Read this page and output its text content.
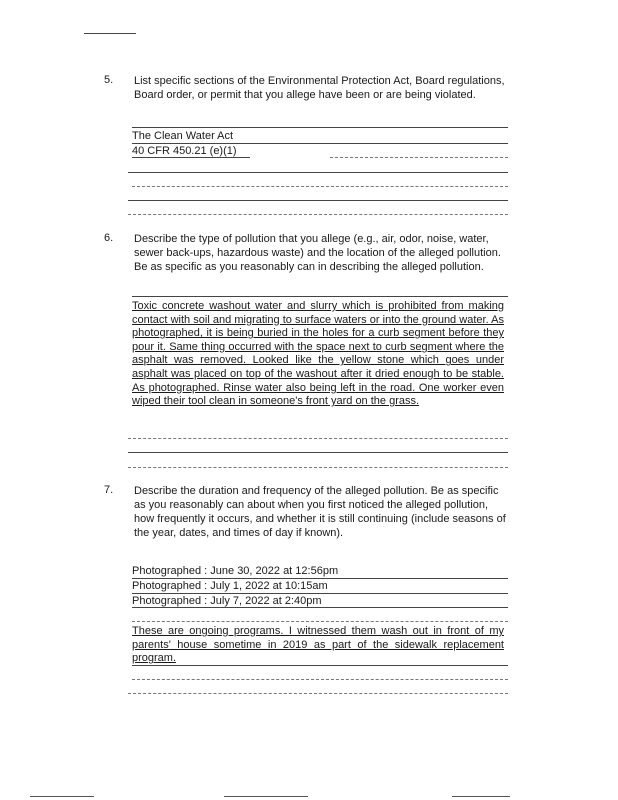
5. List specific sections of the Environmental Protection Act, Board regulations, Board order, or permit that you allege have been or are being violated.
The Clean Water Act
40 CFR 450.21 (e)(1)
6. Describe the type of pollution that you allege (e.g., air, odor, noise, water, sewer back-ups, hazardous waste) and the location of the alleged pollution. Be as specific as you reasonably can in describing the alleged pollution.
Toxic concrete washout water and slurry which is prohibited from making contact with soil and migrating to surface waters or into the ground water. As photographed, it is being buried in the holes for a curb segment before they pour it. Same thing occurred with the space next to curb segment where the asphalt was removed. Looked like the yellow stone which goes under asphalt was placed on top of the washout after it dried enough to be stable. As photographed. Rinse water also being left in the road. One worker even wiped their tool clean in someone's front yard on the grass.
7. Describe the duration and frequency of the alleged pollution. Be as specific as you reasonably can about when you first noticed the alleged pollution, how frequently it occurs, and whether it is still continuing (include seasons of the year, dates, and times of day if known).
Photographed : June 30, 2022 at 12:56pm
Photographed : July 1, 2022 at 10:15am
Photographed : July 7, 2022 at 2:40pm
These are ongoing programs. I witnessed them wash out in front of my parents' house sometime in 2019 as part of the sidewalk replacement program.
